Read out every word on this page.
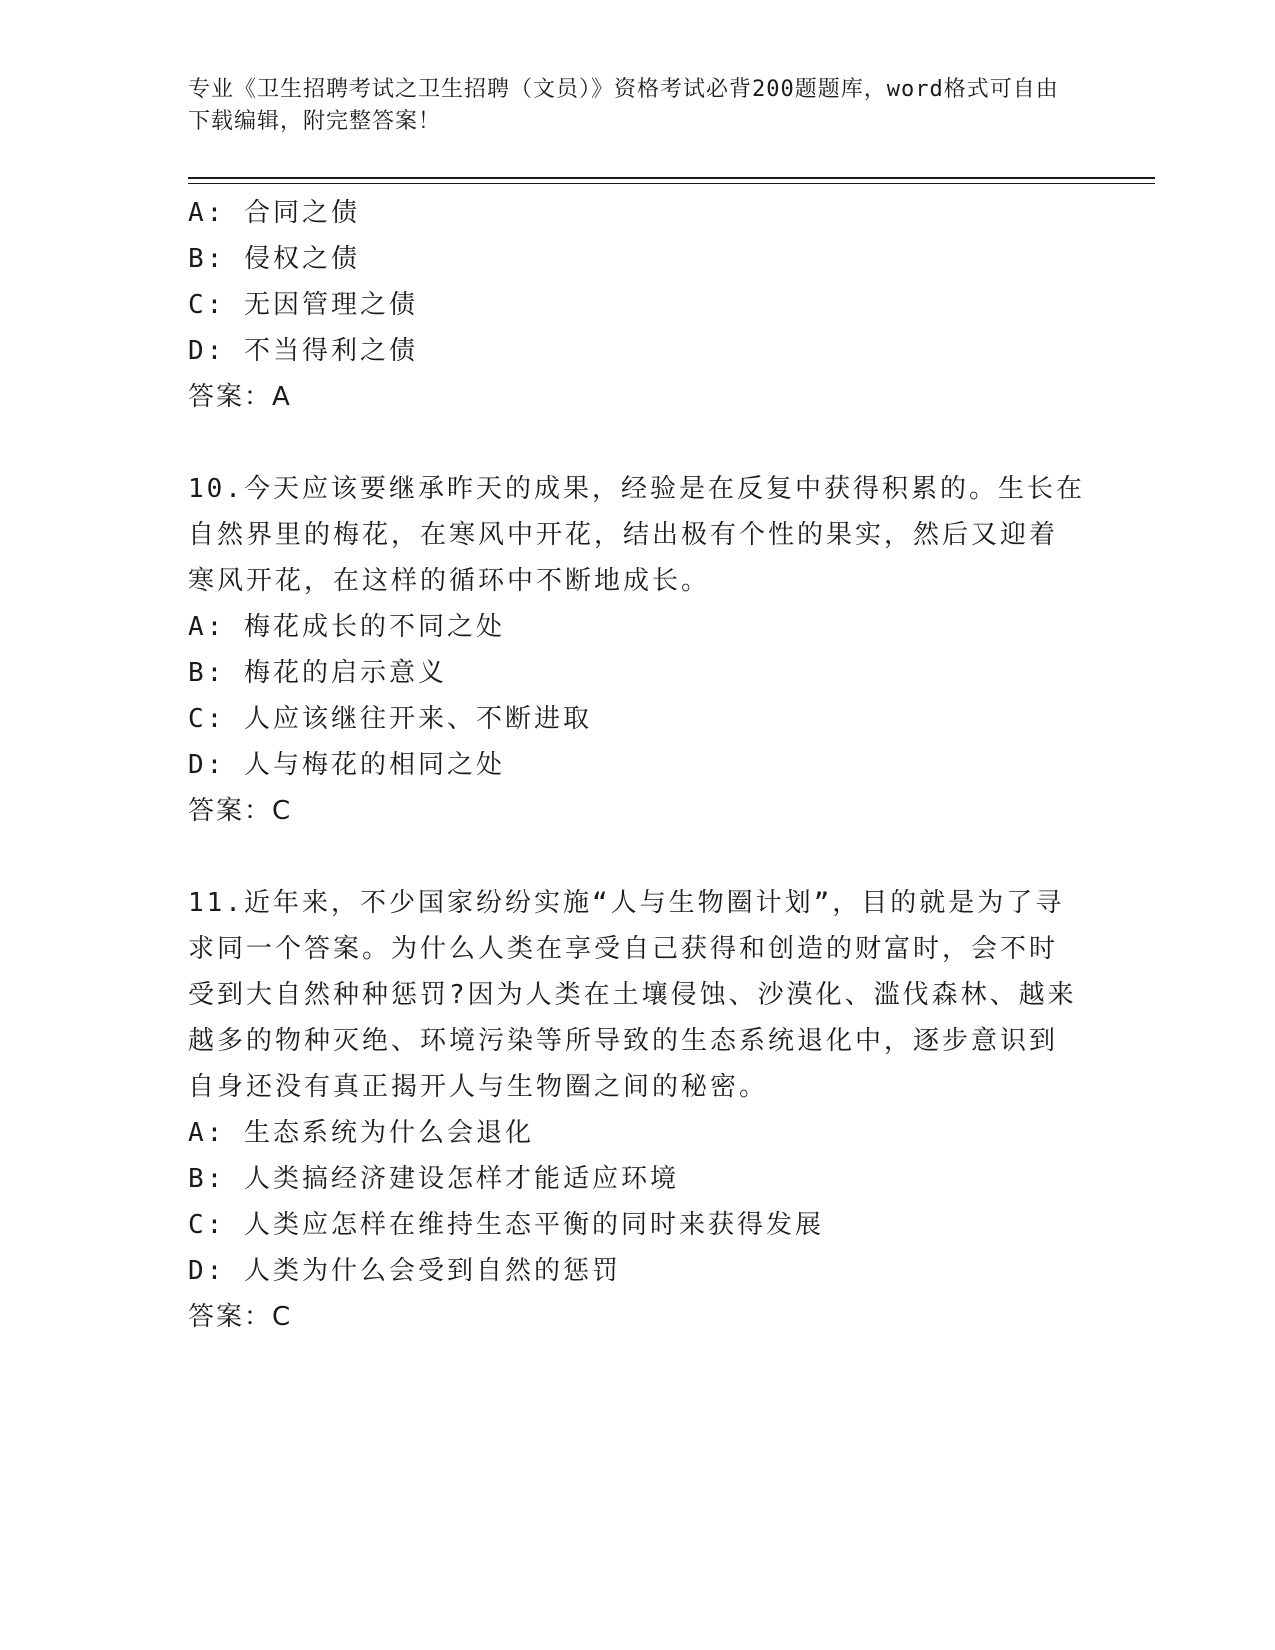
专业《卫生招聘考试之卫生招聘（文员）》资格考试必背200题题库，word格式可自由下载编辑，附完整答案！

A: 合同之债

B: 侵权之债

C: 无因管理之债

D: 不当得利之债

答案：A

10.今天应该要继承昨天的成果，经验是在反复中获得积累的。生长在

自然界里的梅花，在寒风中开花，结出极有个性的果实，然后又迎着

寒风开花，在这样的循环中不断地成长。

A: 梅花成长的不同之处

B: 梅花的启示意义

C: 人应该继往开来、不断进取

D: 人与梅花的相同之处

答案：C

11.近年来，不少国家纷纷实施“人与生物圈计划”，目的就是为了寻

求同一个答案。为什么人类在享受自己获得和创造的财富时，会不时

受到大自然种种惩罚?因为人类在土壤侵蚀、沙漠化、滥伐森林、越来

越多的物种灭绝、环境污染等所导致的生态系统退化中，逐步意识到

自身还没有真正揭开人与生物圈之间的秘密。

A: 生态系统为什么会退化

B: 人类搞经济建设怎样才能适应环境

C: 人类应怎样在维持生态平衡的同时来获得发展

D: 人类为什么会受到自然的惩罚

答案：C
